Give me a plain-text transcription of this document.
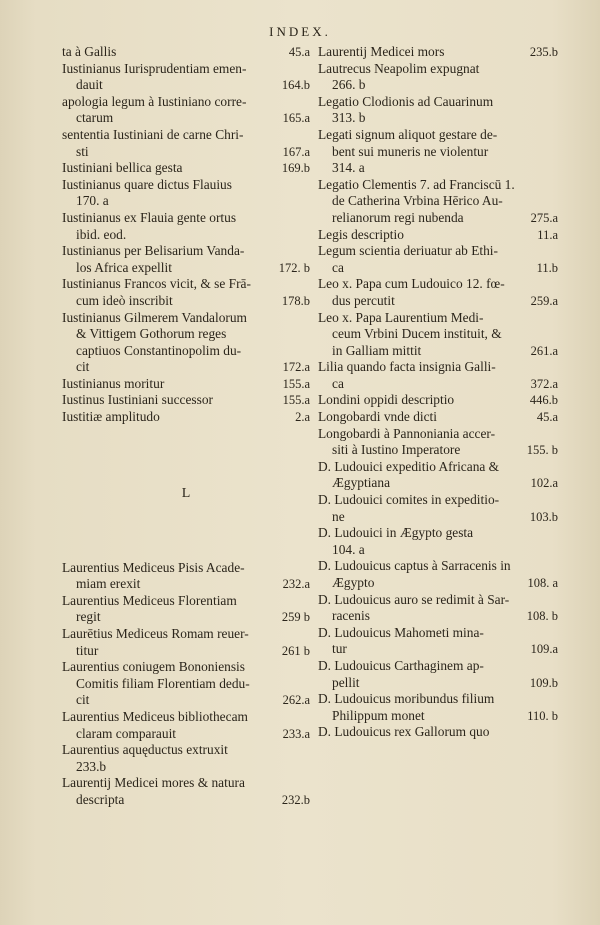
INDEX.
ta à Gallis	45.a
Iustinianus Iurisprudentiam emen-
dauit	164.b
apologia legum à Iustiniano corre-
ctarum	165.a
sententia Iustiniani de carne Chri-
sti	167.a
Iustiniani bellica gesta	169.b
Iustinianus quare dictus Flauius
170. a
Iustinianus ex Flauia gente ortus
ibid. eod.
Iustinianus per Belisarium Vanda-
los Africa expellit	172. b
Iustinianus Francos vicit, & se Frā-
cum ideò inscribit	178.b
Iustinianus Gilmerem Vandalorum
& Vittigem Gothorum reges
captiuos Constantinopolim du-
cit	172.a
Iustinianus moritur	155.a
Iustinus Iustiniani successor	155.a
Iustitiæ amplitudo	2.a
L
Laurentius Mediceus Pisis Acade-
miam erexit	232.a
Laurentius Mediceus Florentiam
regit	259 b
Laurētius Mediceus Romam reuer-
titur	261 b
Laurentius coniugem Bononiensis
Comitis filiam Florentiam dedu-
cit	262.a
Laurentius Mediceus bibliothecam
claram comparauit	233.a
Laurentius aquęductus extruxit
233.b
Laurentij Medicei mores & natura
descripta	232.b
Laurentij Medicei mors	235.b
Lautrecus Neapolim expugnat
266. b
Legatio Clodionis ad Cauarinum
313. b
Legati signum aliquot gestare de-
bent sui muneris ne violentur
314. a
Legatio Clementis 7. ad Franciscū 1.
de Catherina Vrbina Hērico Au-
relianorum regi nubenda	275.a
Legis descriptio	11.a
Legum scientia deriuatur ab Ethi-
ca	11.b
Leo x. Papa cum Ludouico 12. fœ-
dus percutit	259.a
Leo x. Papa Laurentium Medi-
ceum Vrbini Ducem instituit, &
in Galliam mittit	261.a
Lilia quando facta insignia Galli-
ca	372.a
Londini oppidi descriptio	446.b
Longobardi vnde dicti	45.a
Longobardi à Pannoniania accer-
siti à Iustino Imperatore	155. b
D. Ludouici expeditio Africana &
Ægyptiana	102.a
D. Ludouici comites in expeditio-
ne	103.b
D. Ludouici in Ægypto gesta
104. a
D. Ludouicus captus à Sarracenis in
Ægypto	108. a
D. Ludouicus auro se redimit à Sar-
racenis	108. b
D. Ludouicus Mahometi mina-
tur	109.a
D. Ludouicus Carthaginem ap-
pellit	109.b
D. Ludouicus moribundus filium
Philippum monet	110. b
D. Ludouicus rex Gallorum quo
